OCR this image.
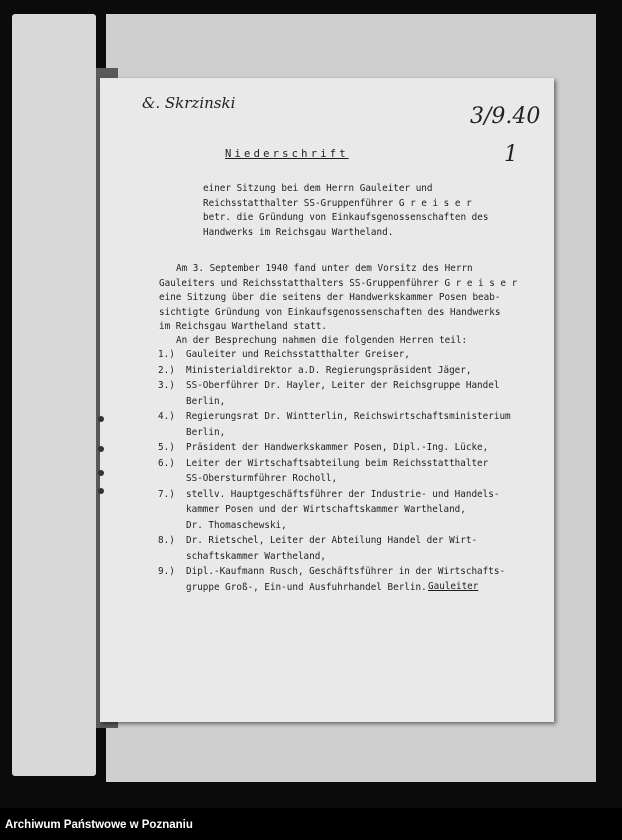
&. Skrzinski
3/9.40
1
Niederschrift
An der Besprechung nahmen die folgenden Herren teil:
Gauleiter
einer Sitzung bei dem Herrn Gauleiter und
Reichsstatthalter SS-Gruppenführer G r e i s e r
betr. die Gründung von Einkaufsgenossenschaften des
Handwerks im Reichsgau Wartheland.
Am 3. September 1940 fand unter dem Vorsitz des Herrn
Gauleiters und Reichsstatthalters SS-Gruppenführer G r e i s e r
eine Sitzung über die seitens der Handwerkskammer Posen beab-
sichtigte Gründung von Einkaufsgenossenschaften des Handwerks
im Reichsgau Wartheland statt.
1.) Gauleiter und Reichsstatthalter Greiser,
2.) Ministerialdirektor a.D. Regierungspräsident Jäger,
3.) SS-Oberführer Dr. Hayler, Leiter der Reichsgruppe Handel
Berlin,
4.) Regierungsrat Dr. Wintterlin, Reichswirtschaftsministerium
Berlin,
5.) Präsident der Handwerkskammer Posen, Dipl.-Ing. Lücke,
6.) Leiter der Wirtschaftsabteilung beim Reichsstatthalter
SS-Obersturmführer Rocholl,
7.) stellv. Hauptgeschäftsführer der Industrie- und Handels-
kammer Posen und der Wirtschaftskammer Wartheland,
Dr. Thomaschewski,
8.) Dr. Rietschel, Leiter der Abteilung Handel der Wirt-
schaftskammer Wartheland,
9.) Dipl.-Kaufmann Rusch, Geschäftsführer in der Wirtschafts-
gruppe Groß-, Ein-und Ausfuhrhandel Berlin.
Archiwum Państwowe w Poznaniu
